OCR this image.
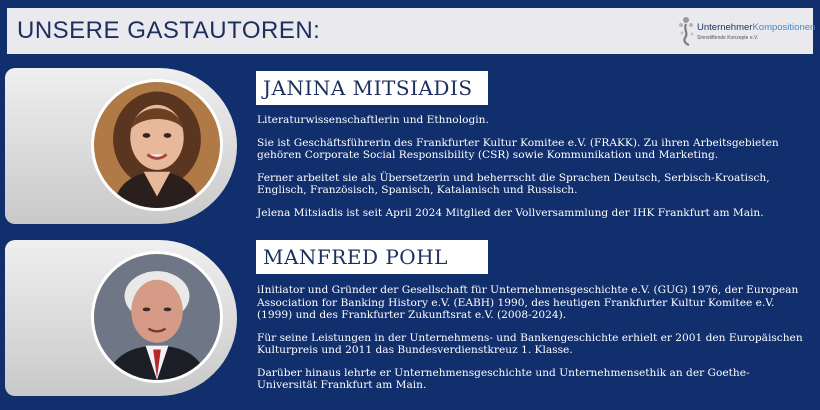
UNSERE GASTAUTOREN:	UnternehmerKompositionen
Sinnstiftende Konzepte e.V.
JANINA MITSIADIS

Literaturwissenschaftlerin und Ethnologin.

Sie ist Geschäftsführerin des Frankfurter Kultur Komitee e.V. (FRAKK). Zu ihren Arbeitsgebieten gehören Corporate Social Responsibility (CSR) sowie Kommunikation und Marketing.

Ferner arbeitet sie als Übersetzerin und beherrscht die Sprachen Deutsch, Serbisch-Kroatisch, Englisch, Französisch, Spanisch, Katalanisch und Russisch.

Jelena Mitsiadis ist seit April 2024 Mitglied der Vollversammlung der IHK Frankfurt am Main.

MANFRED POHL

iInitiator und Gründer der Gesellschaft für Unternehmensgeschichte e.V. (GUG) 1976, der European Association for Banking History e.V. (EABH) 1990, des heutigen Frankfurter Kultur Komitee e.V. (1999) und des Frankfurter Zukunftsrat e.V. (2008-2024).

Für seine Leistungen in der Unternehmens- und Bankengeschichte erhielt er 2001 den Europäischen Kulturpreis und 2011 das Bundesverdienstkreuz 1. Klasse.

Darüber hinaus lehrte er Unternehmensgeschichte und Unternehmensethik an der Goethe-Universität Frankfurt am Main.
